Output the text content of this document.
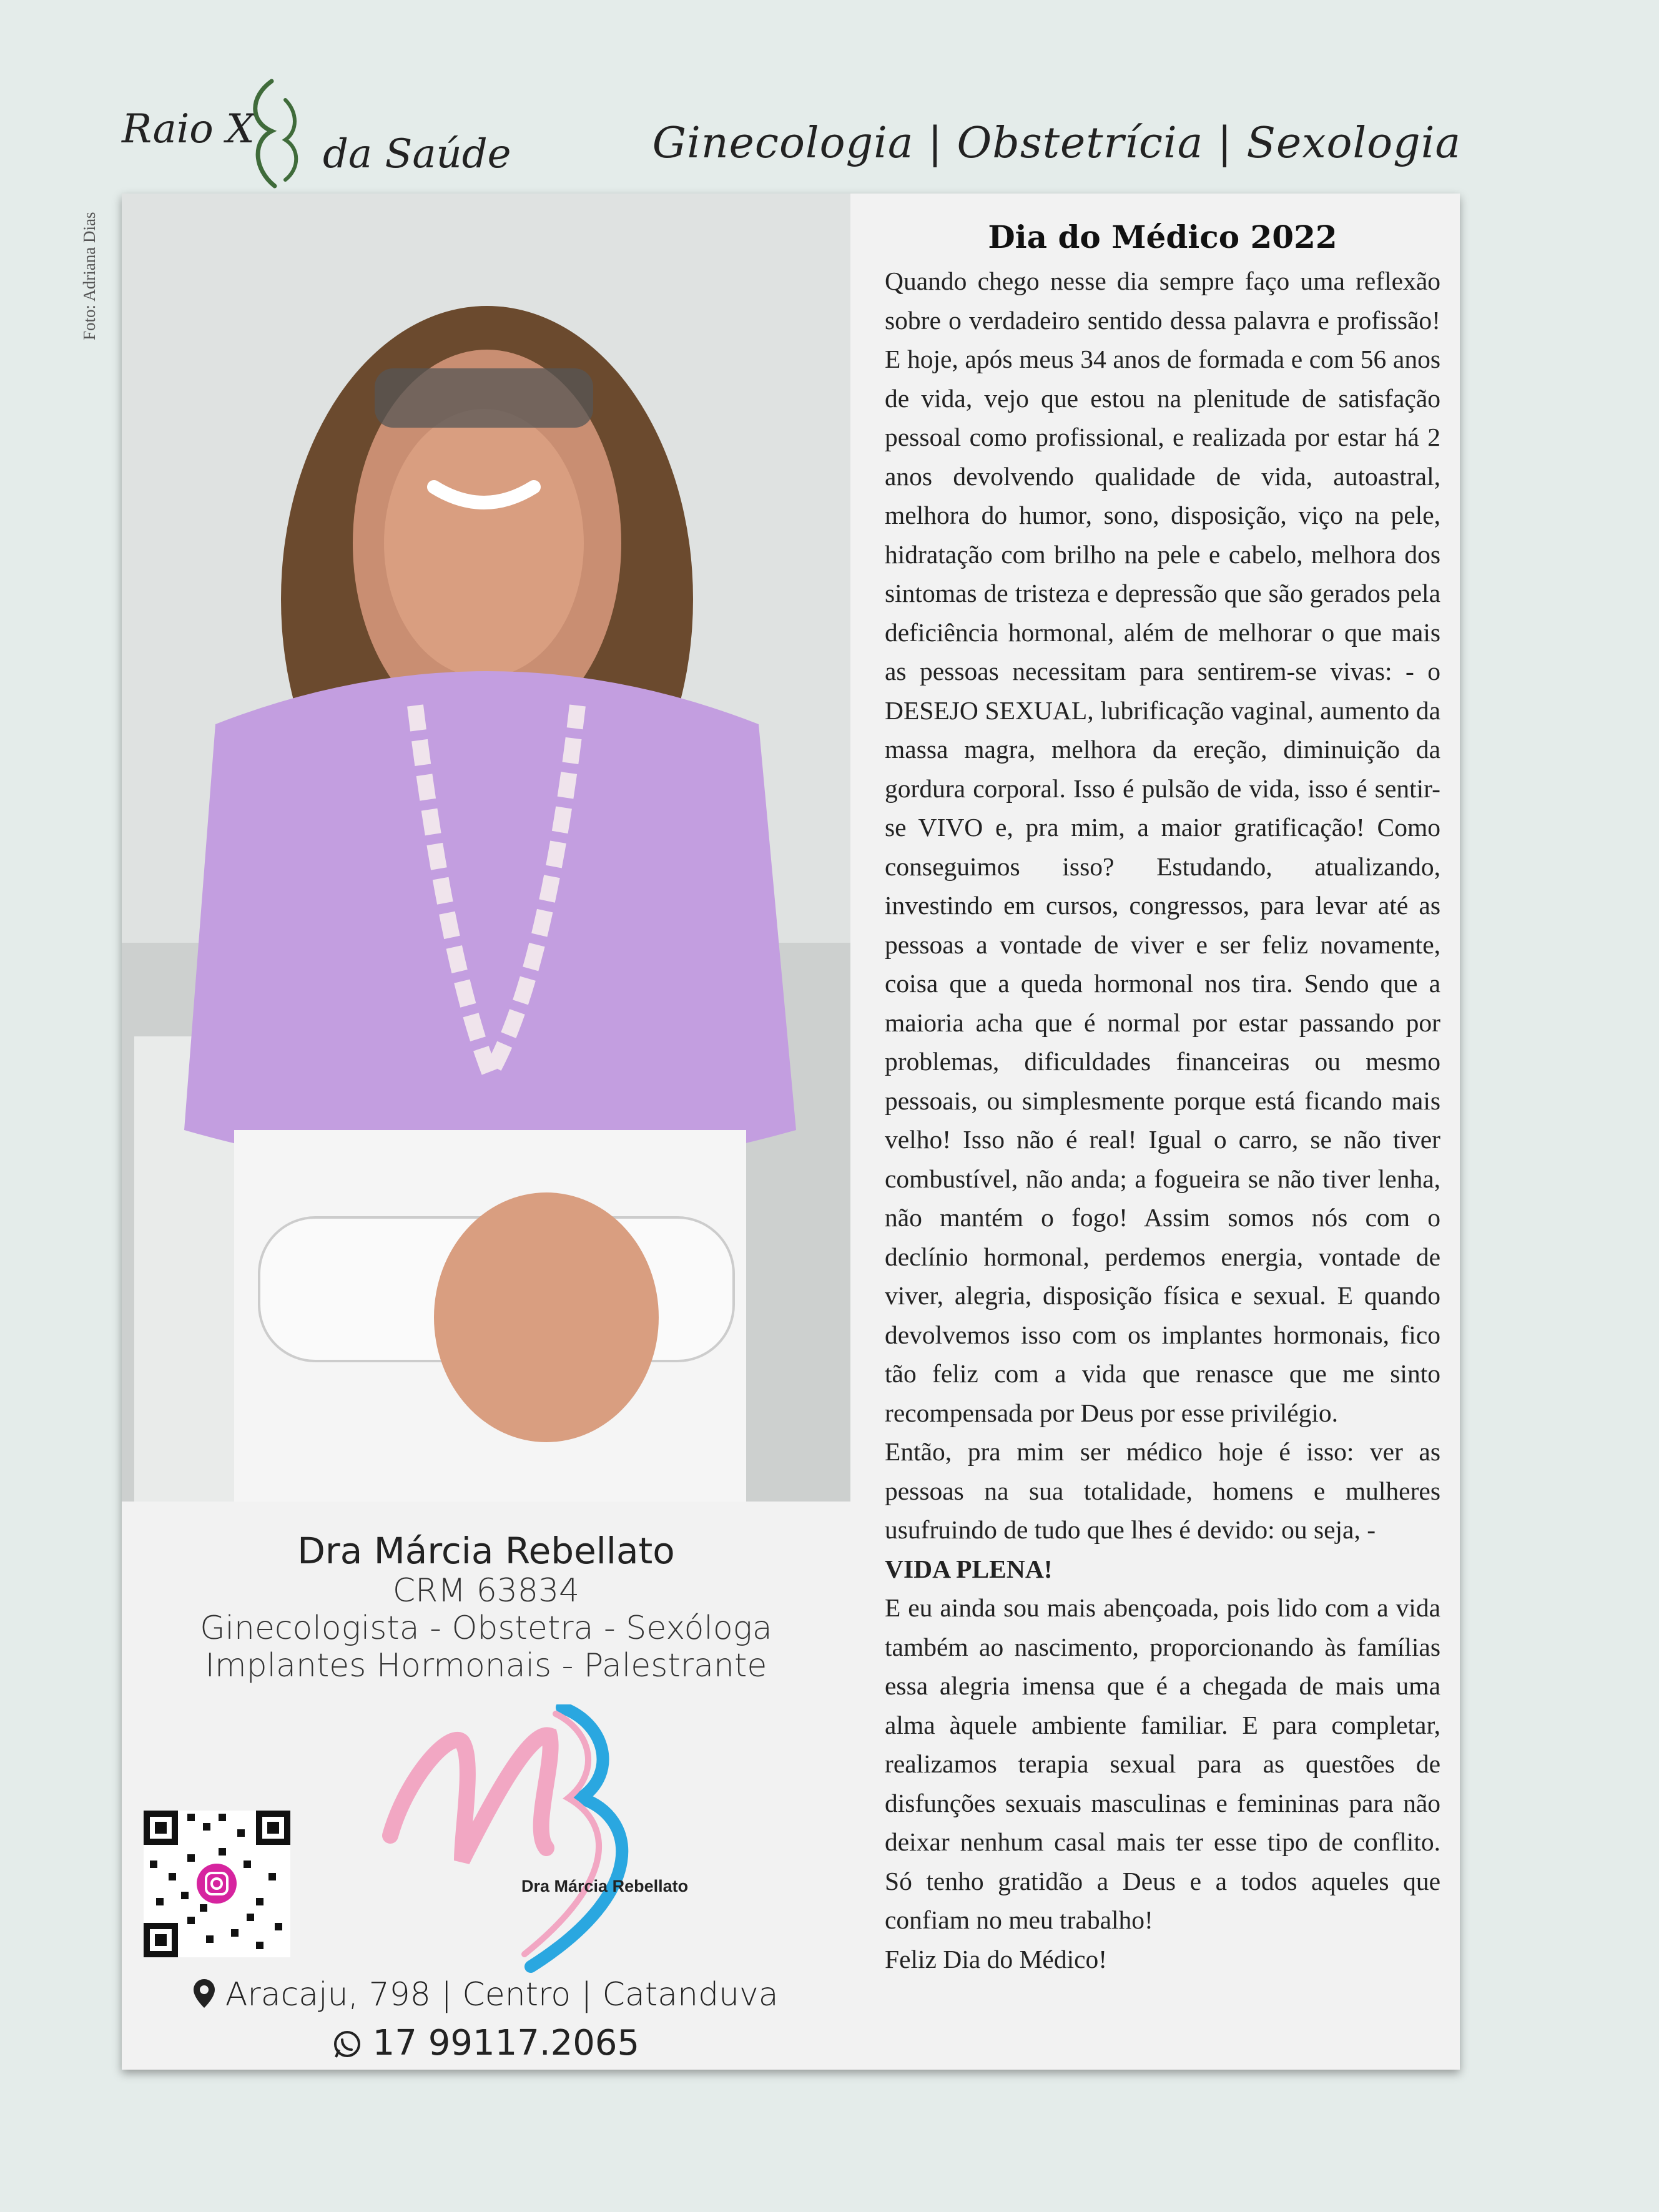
Raio X
da Saúde	Ginecologia | Obstetrícia | Sexologia
Foto: Adriana Dias
Dra Márcia Rebellato
CRM 63834
Ginecologista - Obstetra - Sexóloga
Implantes Hormonais - Palestrante
Dra Márcia Rebellato
Aracaju, 798 | Centro | Catanduva
17 99117.2065
Dia do Médico 2022

Quando chego nesse dia sempre faço uma reflexão sobre o verdadeiro sentido dessa palavra e profissão! E hoje, após meus 34 anos de formada e com 56 anos de vida, vejo que estou na plenitude de satisfação pessoal como profissional, e realizada por estar há 2 anos devolvendo qualidade de vida, autoastral, melhora do humor, sono, disposição, viço na pele, hidratação com brilho na pele e cabelo, melhora dos sintomas de tristeza e depressão que são gerados pela deficiência hormonal, além de melhorar o que mais as pessoas necessitam para sentirem-se vivas: - o DESEJO SEXUAL, lubrificação vaginal, aumento da massa magra, melhora da ereção, diminuição da gordura corporal. Isso é pulsão de vida, isso é sentir-se VIVO e, pra mim, a maior gratificação! Como conseguimos isso? Estudando, atualizando, investindo em cursos, congressos, para levar até as pessoas a vontade de viver e ser feliz novamente, coisa que a queda hormonal nos tira. Sendo que a maioria acha que é normal por estar passando por problemas, dificuldades financeiras ou mesmo pessoais, ou simplesmente porque está ficando mais velho! Isso não é real! Igual o carro, se não tiver combustível, não anda; a fogueira se não tiver lenha, não mantém o fogo! Assim somos nós com o declínio hormonal, perdemos energia, vontade de viver, alegria, disposição física e sexual. E quando devolvemos isso com os implantes hormonais, fico tão feliz com a vida que renasce que me sinto recompensada por Deus por esse privilégio.

Então, pra mim ser médico hoje é isso: ver as pessoas na sua totalidade, homens e mulheres usufruindo de tudo que lhes é devido: ou seja, -

VIDA PLENA!

E eu ainda sou mais abençoada, pois lido com a vida também ao nascimento, proporcionando às famílias essa alegria imensa que é a chegada de mais uma alma àquele ambiente familiar. E para completar, realizamos terapia sexual para as questões de disfunções sexuais masculinas e femininas para não deixar nenhum casal mais ter esse tipo de conflito. Só tenho gratidão a Deus e a todos aqueles que confiam no meu trabalho!

Feliz Dia do Médico!
